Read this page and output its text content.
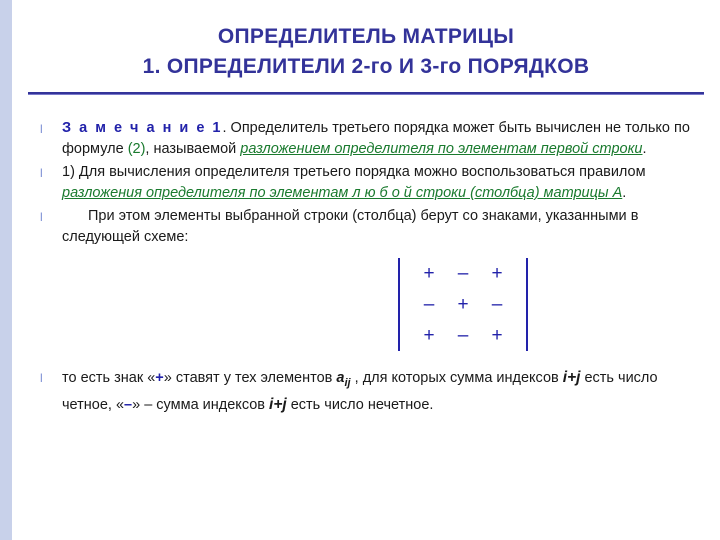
ОПРЕДЕЛИТЕЛЬ МАТРИЦЫ
1. ОПРЕДЕЛИТЕЛИ 2-го И 3-го ПОРЯДКОВ
l	З а м е ч а н и е 1. Определитель третьего порядка может быть вычислен не только по формуле (2), называемой разложением определителя по элементам первой строки.
l	1) Для вычисления определителя третьего порядка можно воспользоваться правилом разложения определителя по элементам л ю б о й строки (столбца) матрицы А.
l	При этом элементы выбранной строки (столбца) берут со знаками, указанными в следующей схеме:
+	–	+
–	+	–
+	–	+
l	то есть знак «+» ставят у тех элементов $a_{ij}$ , для которых сумма индексов i+j есть число четное, «–» – сумма индексов i+j есть число нечетное.
